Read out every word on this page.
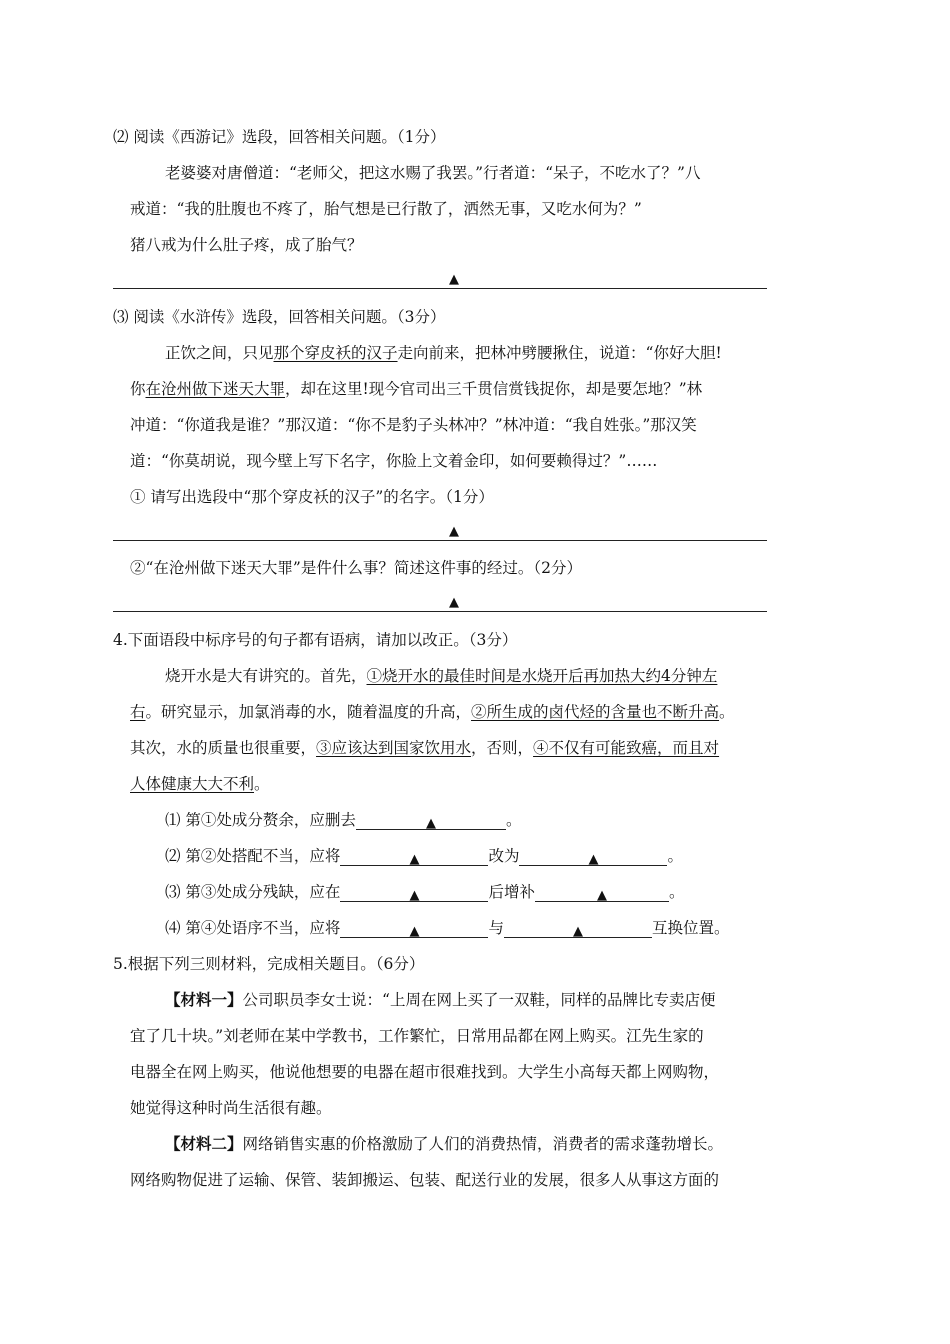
⑵ 阅读《西游记》选段，回答相关问题。（1分）
老婆婆对唐僧道：“老师父，把这水赐了我罢。”行者道：“呆子，不吃水了？”八
戒道：“我的肚腹也不疼了，胎气想是已行散了，洒然无事，又吃水何为？”
猪八戒为什么肚子疼，成了胎气？
▲
⑶ 阅读《水浒传》选段，回答相关问题。（3分）
正饮之间，只见那个穿皮袄的汉子走向前来，把林冲劈腰揪住，说道：“你好大胆!
你在沧州做下迷天大罪，却在这里!现今官司出三千贯信赏钱捉你，却是要怎地？”林
冲道：“你道我是谁？”那汉道：“你不是豹子头林冲？”林冲道：“我自姓张。”那汉笑
道：“你莫胡说，现今壁上写下名字，你脸上文着金印，如何要赖得过？”……
① 请写出选段中“那个穿皮袄的汉子”的名字。（1分）
▲
②“在沧州做下迷天大罪”是件什么事？简述这件事的经过。（2分）
▲
4.下面语段中标序号的句子都有语病，请加以改正。（3分）
烧开水是大有讲究的。首先，①烧开水的最佳时间是水烧开后再加热大约4分钟左
右。研究显示，加氯消毒的水，随着温度的升高，②所生成的卤代烃的含量也不断升高。
其次，水的质量也很重要，③应该达到国家饮用水，否则，④不仅有可能致癌，而且对
人体健康大大不利。
⑴ 第①处成分赘余，应删去	▲	。
⑵ 第②处搭配不当，应将	▲	改为	▲	。
⑶ 第③处成分残缺，应在	▲	后增补	▲	。
⑷ 第④处语序不当，应将	▲	与	▲	互换位置。
5.根据下列三则材料，完成相关题目。（6分）
【材料一】公司职员李女士说：“上周在网上买了一双鞋，同样的品牌比专卖店便
宜了几十块。”刘老师在某中学教书，工作繁忙，日常用品都在网上购买。江先生家的
电器全在网上购买，他说他想要的电器在超市很难找到。大学生小高每天都上网购物，
她觉得这种时尚生活很有趣。
【材料二】网络销售实惠的价格激励了人们的消费热情，消费者的需求蓬勃增长。
网络购物促进了运输、保管、装卸搬运、包装、配送行业的发展，很多人从事这方面的
